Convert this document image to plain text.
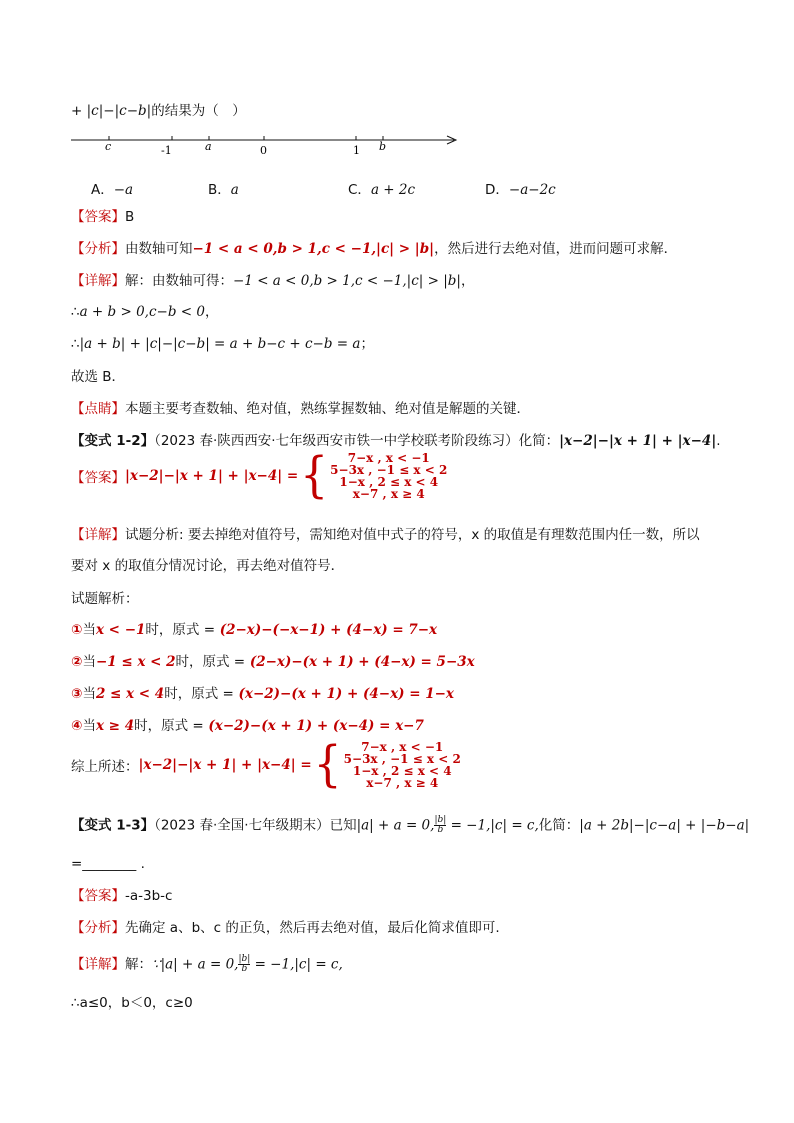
+ |c|−|c−b|的结果为（　）
c	-1	a	0	1 b
A．−a	B．a	C．a + 2c	D．−a−2c
【答案】B
【分析】由数轴可知−1 < a < 0,b > 1,c < −1,|c| > |b|，然后进行去绝对值，进而问题可求解．
【详解】解：由数轴可得：−1 < a < 0,b > 1,c < −1,|c| > |b|，
∴a + b > 0,c−b < 0，
∴|a + b| + |c|−|c−b| = a + b−c + c−b = a；
故选 B．
【点睛】本题主要考查数轴、绝对值，熟练掌握数轴、绝对值是解题的关键．
【变式 1-2】（2023 春·陕西西安·七年级西安市铁一中学校联考阶段练习）化简：|x−2|−|x + 1| + |x−4|.
【答案】 |x−2|−|x + 1| + |x−4| = {	7−x , x < −1
5−3x , −1 ≤ x < 2
1−x , 2 ≤ x < 4
x−7 , x ≥ 4
【详解】试题分析: 要去掉绝对值符号，需知绝对值中式子的符号，x 的取值是有理数范围内任一数，所以
要对 x 的取值分情况讨论，再去绝对值符号．
试题解析：
①当x < −1时，原式 = (2−x)−(−x−1) + (4−x) = 7−x
②当−1 ≤ x < 2时，原式 = (2−x)−(x + 1) + (4−x) = 5−3x
③当2 ≤ x < 4时，原式 = (x−2)−(x + 1) + (4−x) = 1−x
④当x ≥ 4时，原式 = (x−2)−(x + 1) + (x−4) = x−7
综上所述： |x−2|−|x + 1| + |x−4| = {	7−x , x < −1
5−3x , −1 ≤ x < 2
1−x , 2 ≤ x < 4
x−7 , x ≥ 4
【变式 1-3】（2023 春·全国·七年级期末）已知|a| + a = 0, $\frac{|b|}{b} = -1,|c| = c$,化简：|a + 2b|−|c−a| + |−b−a|
=________ .
【答案】-a-3b-c
【分析】先确定 a、b、c 的正负，然后再去绝对值，最后化简求值即可.
【详解】解：∵|a| + a = 0, $\frac{|b|}{b} = -1,|c| = c$,
∴a≤0，b＜0，c≥0
